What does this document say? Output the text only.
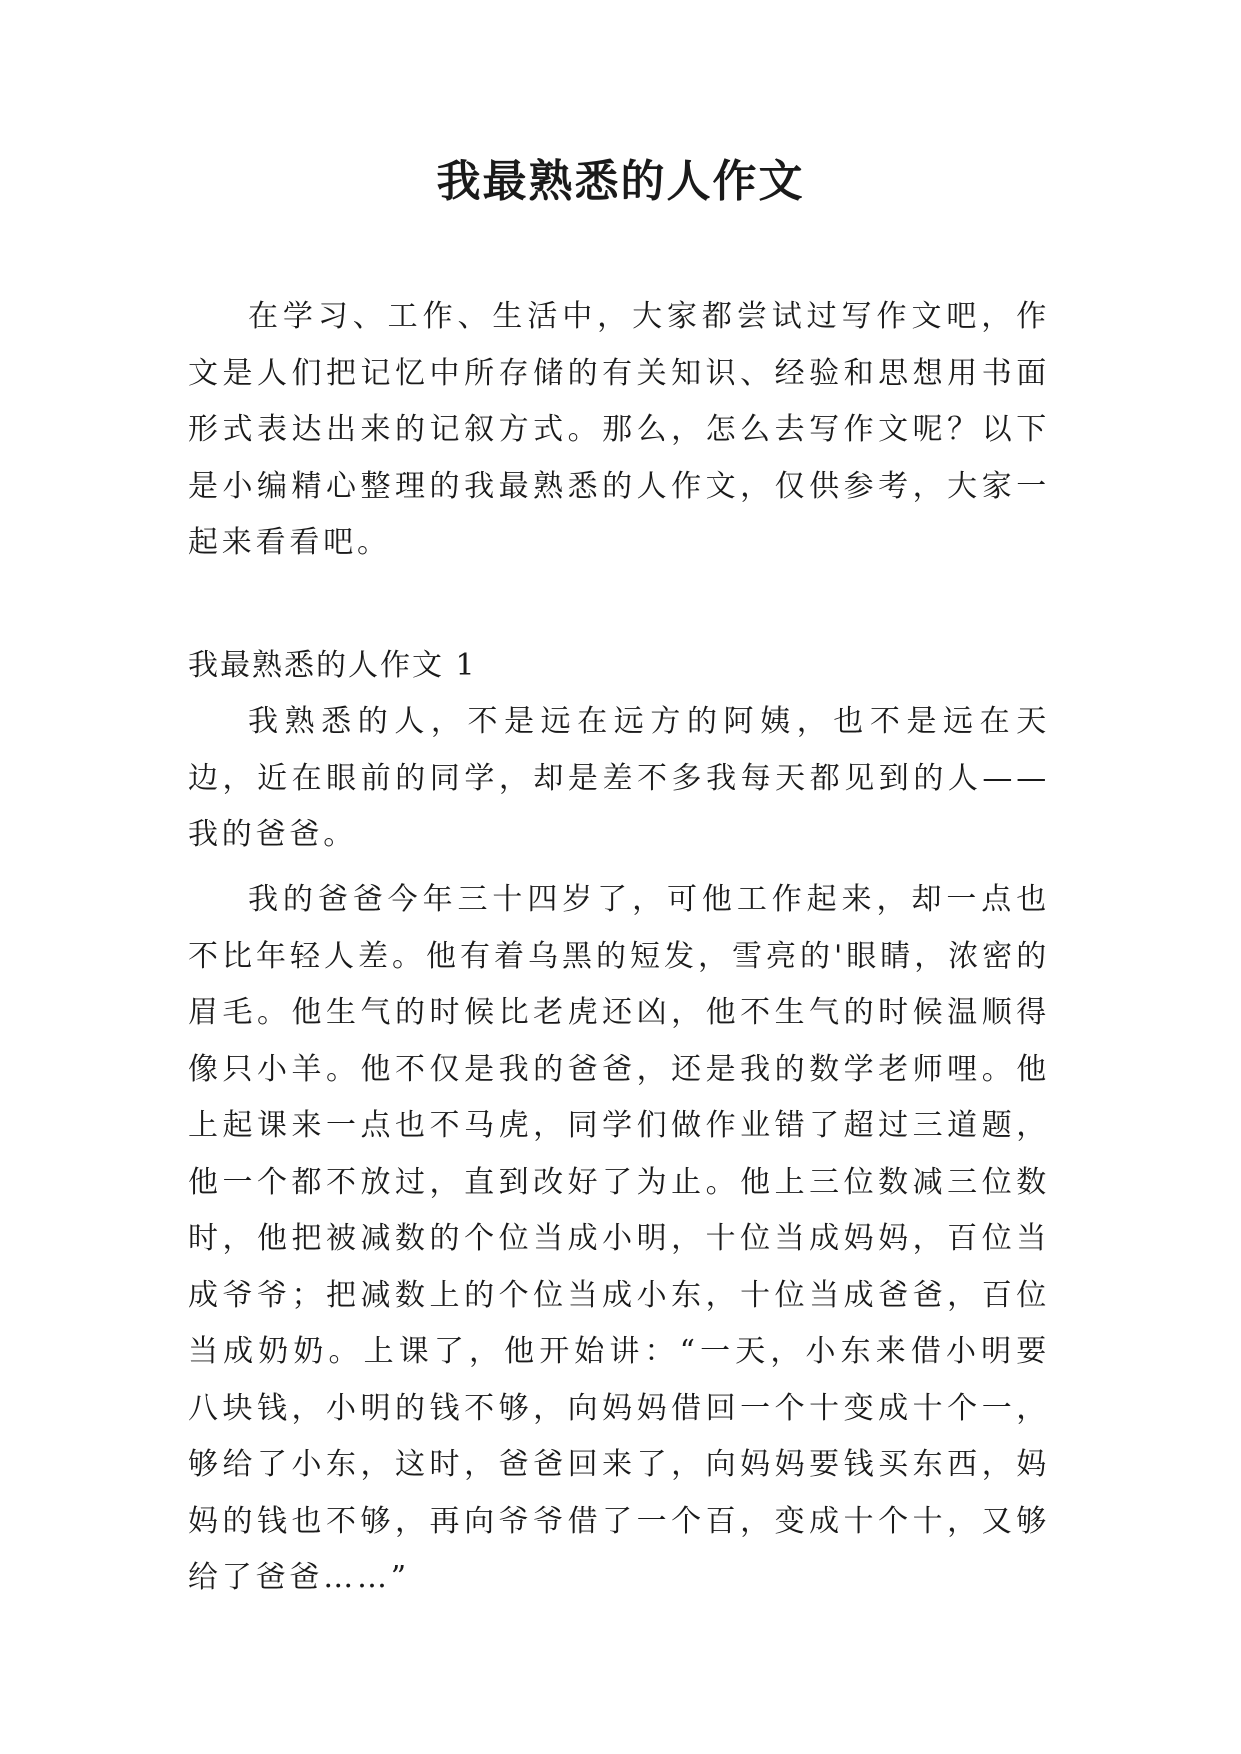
我最熟悉的人作文

在学习、工作、生活中，大家都尝试过写作文吧，作文是人们把记忆中所存储的有关知识、经验和思想用书面形式表达出来的记叙方式。那么，怎么去写作文呢？以下是小编精心整理的我最熟悉的人作文，仅供参考，大家一起来看看吧。

我最熟悉的人作文 1

我熟悉的人，不是远在远方的阿姨，也不是远在天边，近在眼前的同学，却是差不多我每天都见到的人——我的爸爸。

我的爸爸今年三十四岁了，可他工作起来，却一点也不比年轻人差。他有着乌黑的短发，雪亮的'眼睛，浓密的眉毛。他生气的时候比老虎还凶，他不生气的时候温顺得像只小羊。他不仅是我的爸爸，还是我的数学老师哩。他上起课来一点也不马虎，同学们做作业错了超过三道题，他一个都不放过，直到改好了为止。他上三位数减三位数时，他把被减数的个位当成小明，十位当成妈妈，百位当成爷爷；把减数上的个位当成小东，十位当成爸爸，百位当成奶奶。上课了，他开始讲：“一天，小东来借小明要八块钱，小明的钱不够，向妈妈借回一个十变成十个一，够给了小东，这时，爸爸回来了，向妈妈要钱买东西，妈妈的钱也不够，再向爷爷借了一个百，变成十个十，又够给了爸爸……”
